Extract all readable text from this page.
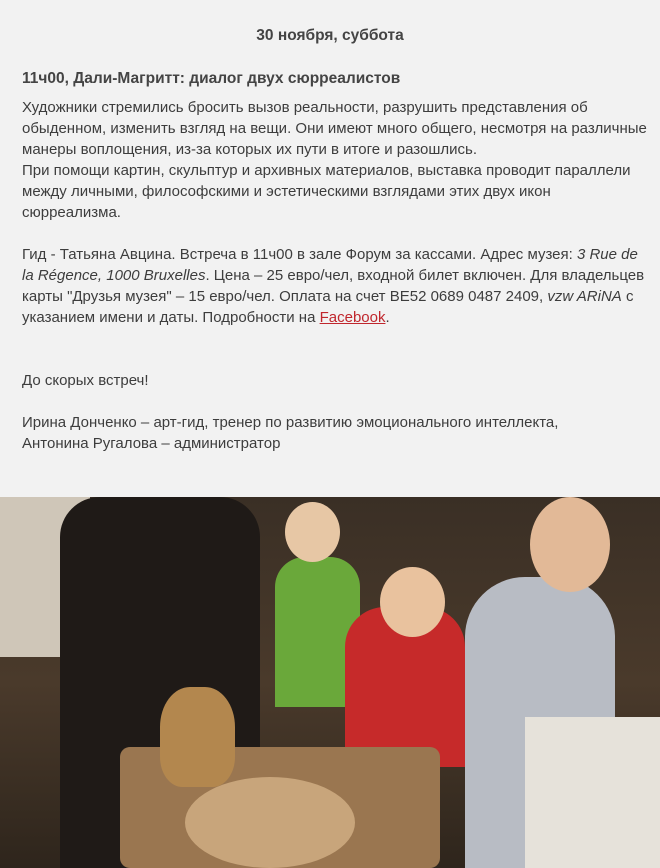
30 ноября, суббота
11ч00, Дали-Магритт: диалог двух сюрреалистов

Художники стремились бросить вызов реальности, разрушить представления об обыденном, изменить взгляд на вещи. Они имеют много общего, несмотря на различные манеры воплощения, из-за которых их пути в итоге и разошлись.

При помощи картин, скульптур и архивных материалов, выставка проводит параллели между личными, философскими и эстетическими взглядами этих двух икон сюрреализма.

Гид - Татьяна Авцина. Встреча в 11ч00 в зале Форум за кассами. Адрес музея: 3 Rue de la Régence, 1000 Bruxelles. Цена – 25 евро/чел, входной билет включен. Для владельцев карты "Друзья музея" – 15 евро/чел. Оплата на счет BE52 0689 0487 2409, vzw ARiNA с указанием имени и даты. Подробности на Facebook.

До скорых встреч!

Ирина Донченко – арт-гид, тренер по развитию эмоционального интеллекта,

Антонина Ругалова – администратор
